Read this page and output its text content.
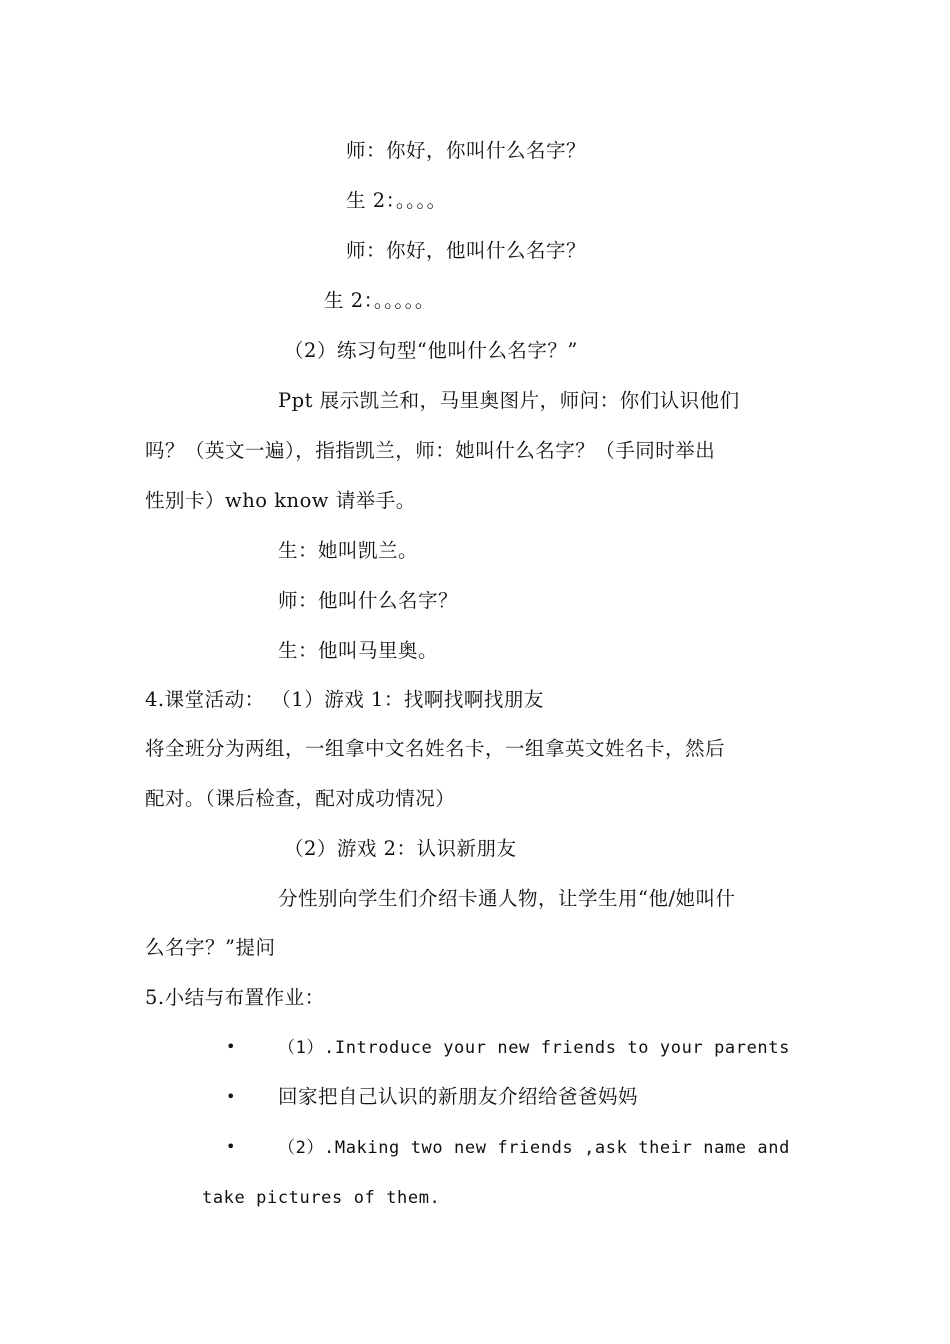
师：你好，你叫什么名字？
生 2：。。。。
师：你好，他叫什么名字？
生 2：。。。。。
（2）练习句型“他叫什么名字？”
Ppt 展示凯兰和，马里奥图片，师问：你们认识他们
吗？（英文一遍），指指凯兰，师：她叫什么名字？（手同时举出
性别卡）who know 请举手。
生：她叫凯兰。
师：他叫什么名字？
生：他叫马里奥。
4.课堂活动： （1）游戏 1：找啊找啊找朋友
将全班分为两组，一组拿中文名姓名卡，一组拿英文姓名卡，然后
配对。（课后检查，配对成功情况）
（2）游戏 2：认识新朋友
分性别向学生们介绍卡通人物，让学生用“他/她叫什
么名字？”提问
5.小结与布置作业：
•	（1）.Introduce your new friends to your parents
• 回家把自己认识的新朋友介绍给爸爸妈妈
•	（2）.Making two new friends ,ask their name and
take pictures of them.
